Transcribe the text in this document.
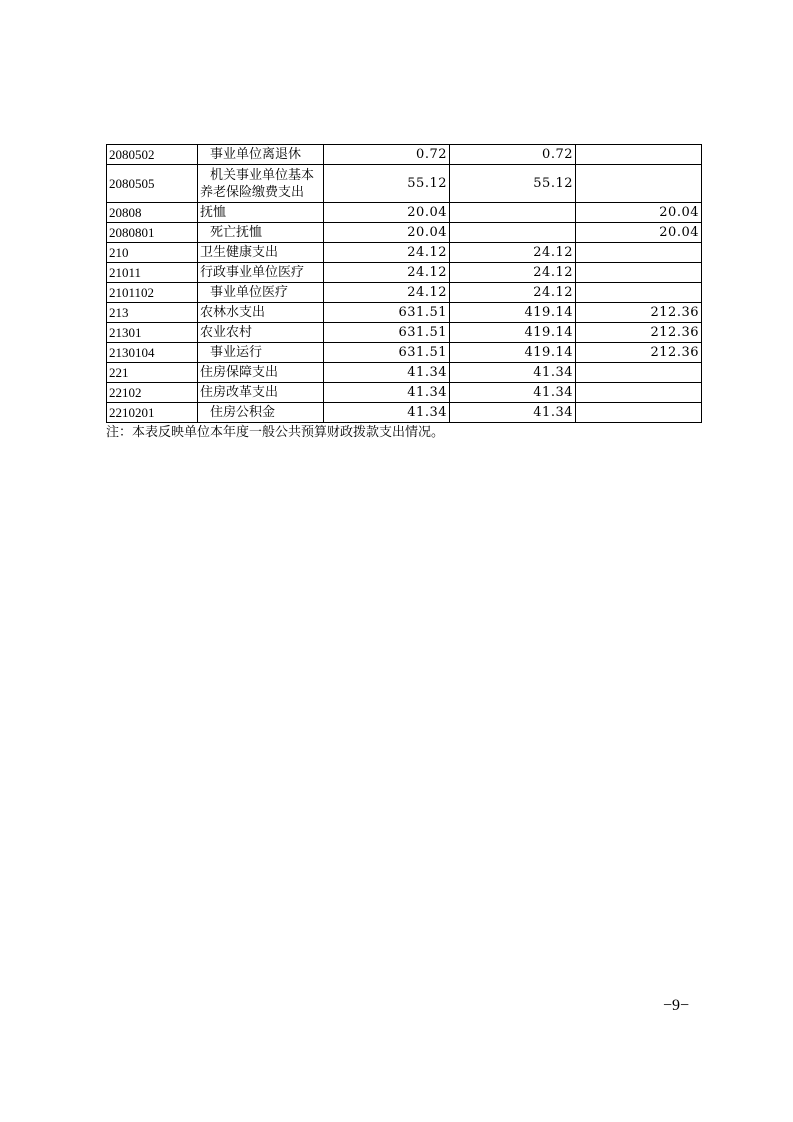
2080502	事业单位离退休	0.72	0.72	
2080505	机关事业单位基本养老保险缴费支出	55.12	55.12	
20808	抚恤	20.04		20.04
2080801	死亡抚恤	20.04		20.04
210	卫生健康支出	24.12	24.12	
21011	行政事业单位医疗	24.12	24.12	
2101102	事业单位医疗	24.12	24.12	
213	农林水支出	631.51	419.14	212.36
21301	农业农村	631.51	419.14	212.36
2130104	事业运行	631.51	419.14	212.36
221	住房保障支出	41.34	41.34	
22102	住房改革支出	41.34	41.34	
2210201	住房公积金	41.34	41.34	
注：本表反映单位本年度一般公共预算财政拨款支出情况。
−9−
